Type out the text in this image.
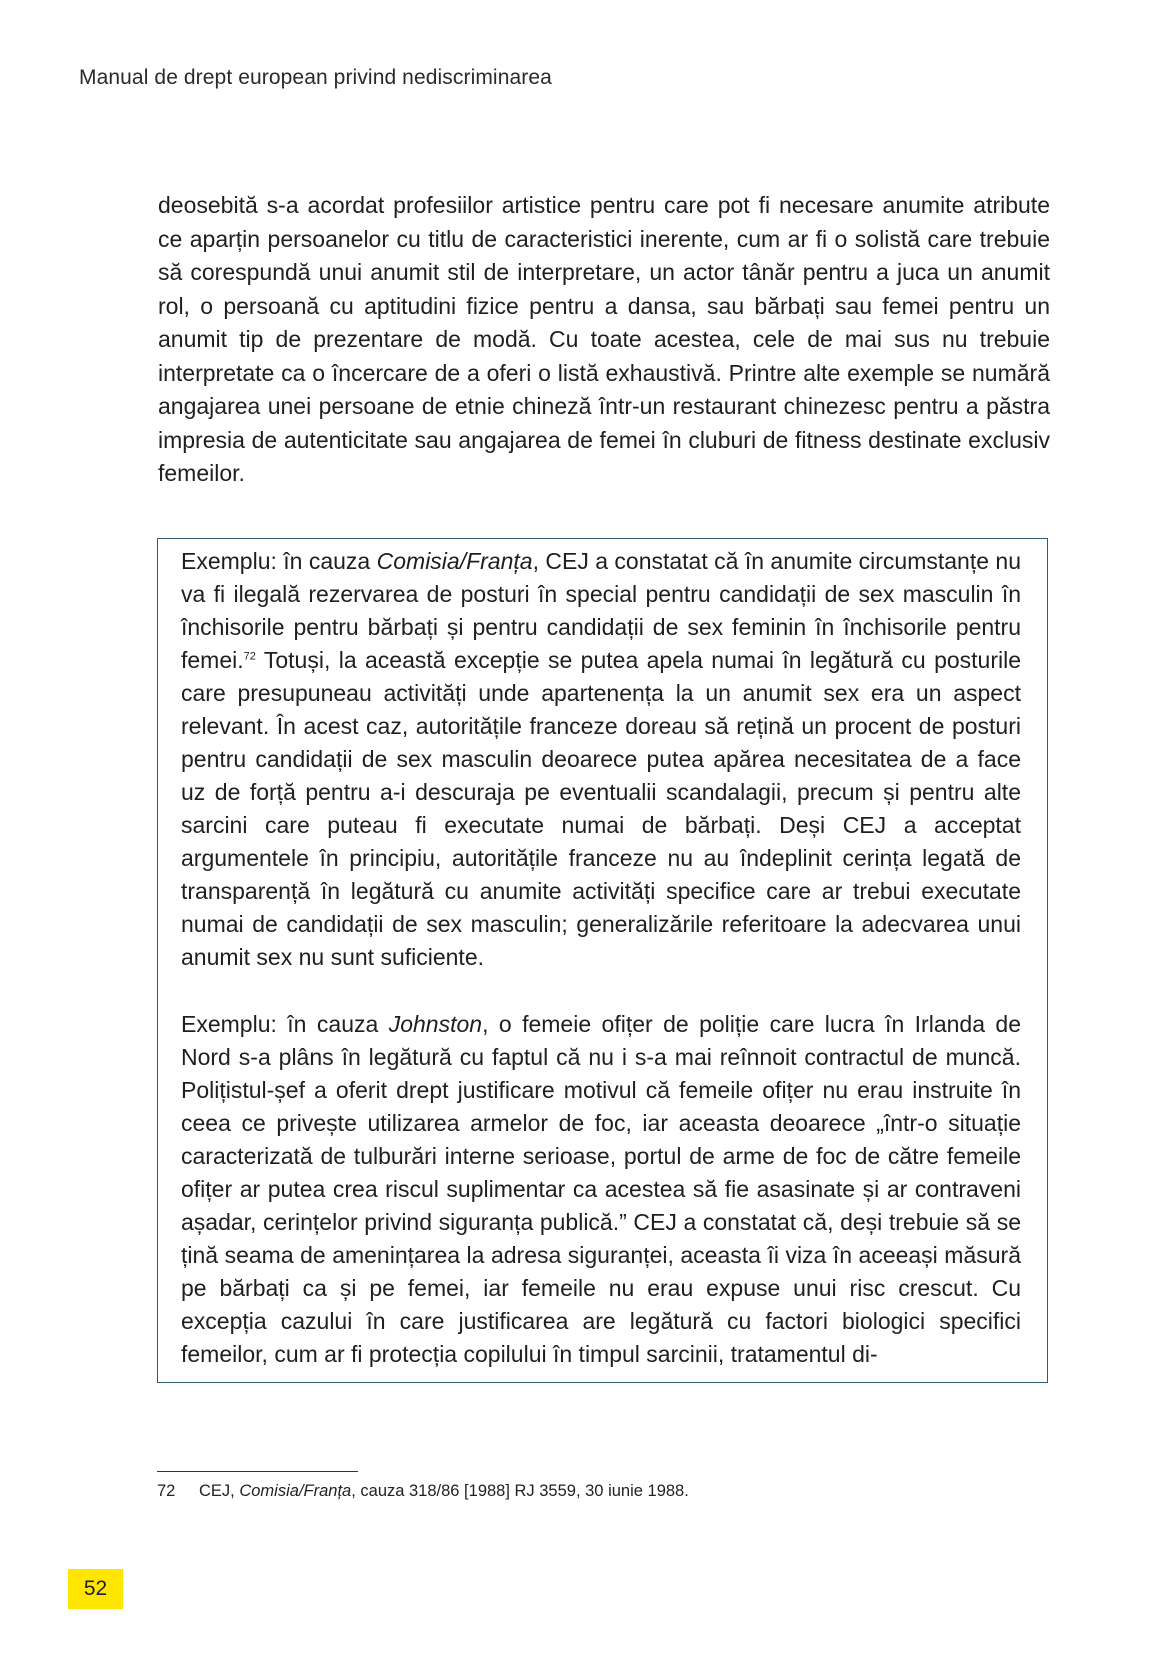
Manual de drept european privind nediscriminarea

deosebită s-a acordat profesiilor artistice pentru care pot fi necesare anumite atribute ce aparțin persoanelor cu titlu de caracteristici inerente, cum ar fi o solistă care trebuie să corespundă unui anumit stil de interpretare, un actor tânăr pentru a juca un anumit rol, o persoană cu aptitudini fizice pentru a dansa, sau bărbați sau femei pentru un anumit tip de prezentare de modă. Cu toate acestea, cele de mai sus nu trebuie interpretate ca o încercare de a oferi o listă exhaustivă. Printre alte exemple se numără angajarea unei persoane de etnie chineză într-un restaurant chinezesc pentru a păstra impresia de autenticitate sau angajarea de femei în cluburi de fitness destinate exclusiv femeilor.

Exemplu: în cauza Comisia/Franța, CEJ a constatat că în anumite circumstanțe nu va fi ilegală rezervarea de posturi în special pentru candidații de sex masculin în închisorile pentru bărbați și pentru candidații de sex feminin în închisorile pentru femei.$^{72}$ Totuși, la această excepție se putea apela numai în legătură cu posturile care presupuneau activități unde apartenența la un anumit sex era un aspect relevant. În acest caz, autoritățile franceze doreau să rețină un procent de posturi pentru candidații de sex masculin deoarece putea apărea necesitatea de a face uz de forță pentru a-i descuraja pe eventualii scandalagii, precum și pentru alte sarcini care puteau fi executate numai de bărbați. Deși CEJ a acceptat argumentele în principiu, autoritățile franceze nu au îndeplinit cerința legată de transparență în legătură cu anumite activități specifice care ar trebui executate numai de candidații de sex masculin; generalizările referitoare la adecvarea unui anumit sex nu sunt suficiente.

Exemplu: în cauza Johnston, o femeie ofițer de poliție care lucra în Irlanda de Nord s-a plâns în legătură cu faptul că nu i s-a mai reînnoit contractul de muncă. Polițistul-șef a oferit drept justificare motivul că femeile ofițer nu erau instruite în ceea ce privește utilizarea armelor de foc, iar aceasta deoarece „într-o situație caracterizată de tulburări interne serioase, portul de arme de foc de către femeile ofițer ar putea crea riscul suplimentar ca acestea să fie asasinate și ar contraveni așadar, cerințelor privind siguranța publică.” CEJ a constatat că, deși trebuie să se țină seama de amenințarea la adresa siguranței, aceasta îi viza în aceeași măsură pe bărbați ca și pe femei, iar femeile nu erau expuse unui risc crescut. Cu excepția cazului în care justificarea are legătură cu factori biologici specifici femeilor, cum ar fi protecția copilului în timpul sarcinii, tratamentul di-

72 CEJ, Comisia/Franța, cauza 318/86 [1988] RJ 3559, 30 iunie 1988.
52
